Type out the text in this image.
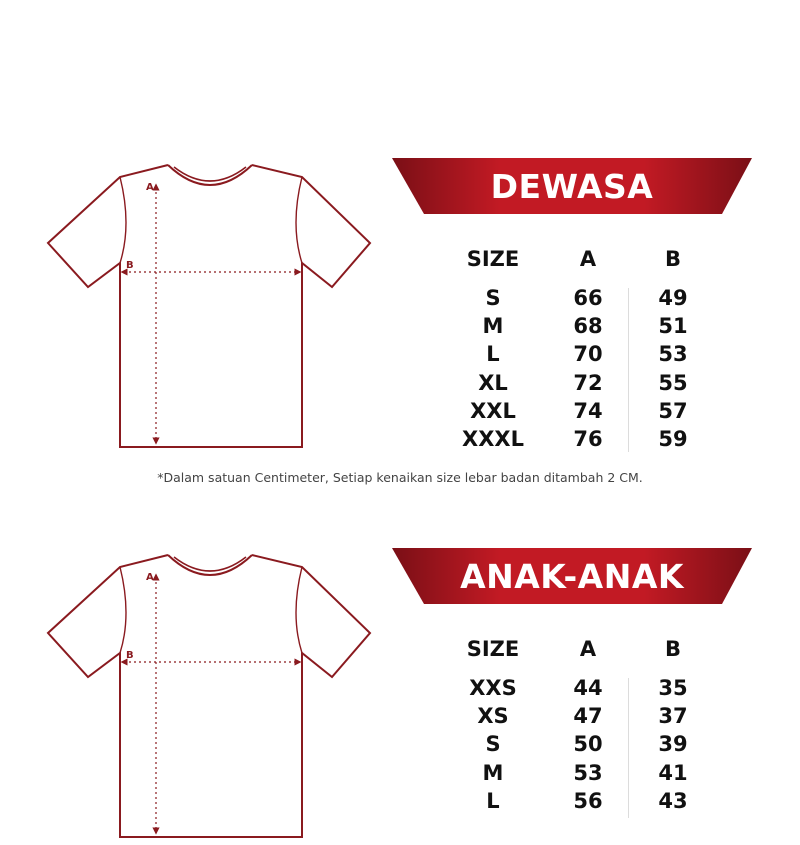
A
B
DEWASA
SIZE	A	B
S	66	49
M	68	51
L	70	53
XL	72	55
XXL	74	57
XXXL	76	59
*Dalam satuan Centimeter, Setiap kenaikan size lebar badan ditambah 2 CM.
A
B
ANAK-ANAK
SIZE	A	B
XXS	44	35
XS	47	37
S	50	39
M	53	41
L	56	43
